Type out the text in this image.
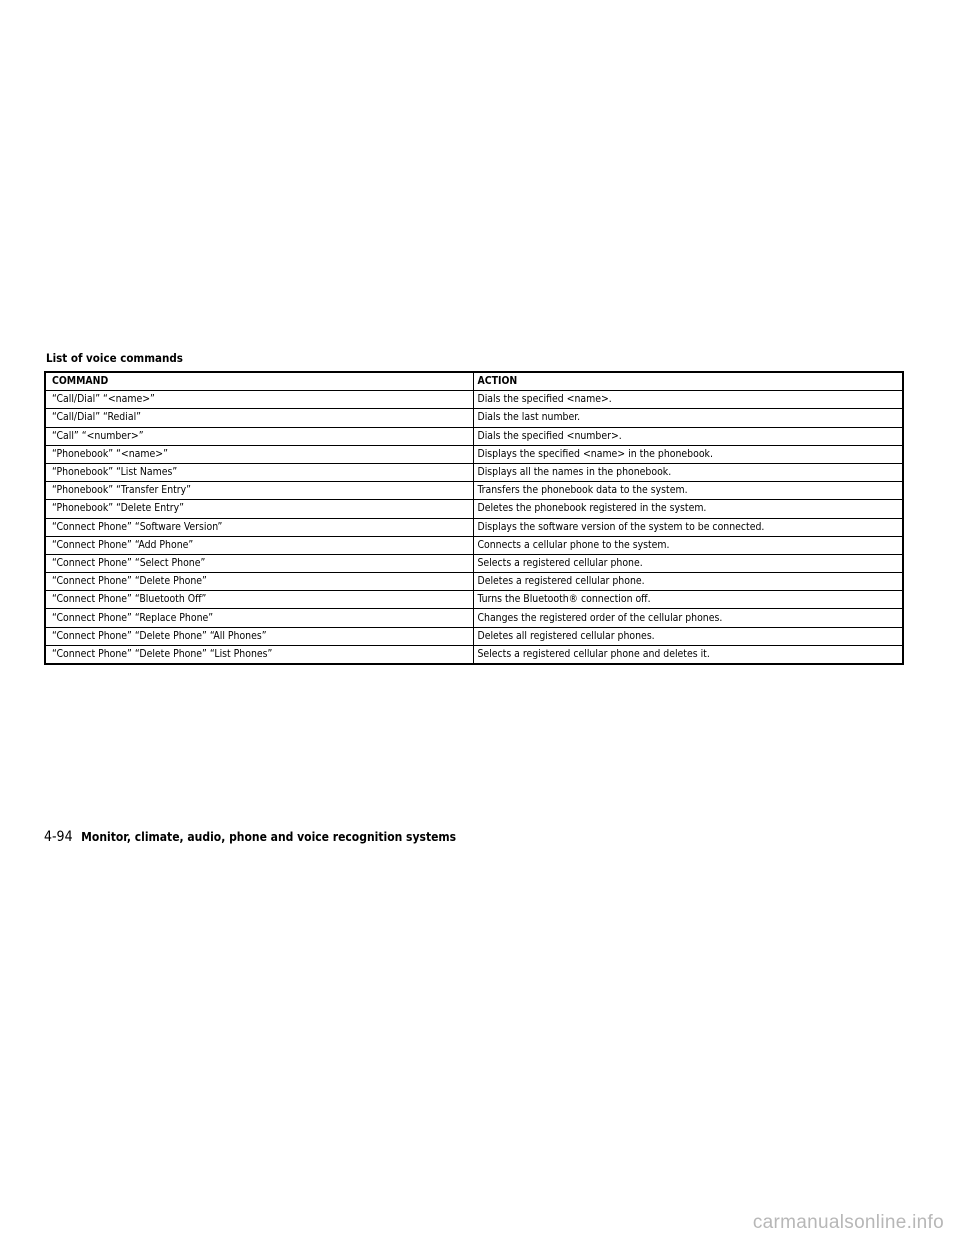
List of voice commands
COMMAND	ACTION
“Call/Dial” “<name>”	Dials the specified <name>.
“Call/Dial” “Redial”	Dials the last number.
“Call” “<number>”	Dials the specified <number>.
“Phonebook” “<name>”	Displays the specified <name> in the phonebook.
“Phonebook” “List Names”	Displays all the names in the phonebook.
“Phonebook” “Transfer Entry”	Transfers the phonebook data to the system.
“Phonebook” “Delete Entry”	Deletes the phonebook registered in the system.
“Connect Phone” “Software Version”	Displays the software version of the system to be connected.
“Connect Phone” “Add Phone”	Connects a cellular phone to the system.
“Connect Phone” “Select Phone”	Selects a registered cellular phone.
“Connect Phone” “Delete Phone”	Deletes a registered cellular phone.
“Connect Phone” “Bluetooth Off”	Turns the Bluetooth® connection off.
“Connect Phone” “Replace Phone”	Changes the registered order of the cellular phones.
“Connect Phone” “Delete Phone” “All Phones”	Deletes all registered cellular phones.
“Connect Phone” “Delete Phone” “List Phones”	Selects a registered cellular phone and deletes it.
4-94 Monitor, climate, audio, phone and voice recognition systems
carmanualsonline.info
